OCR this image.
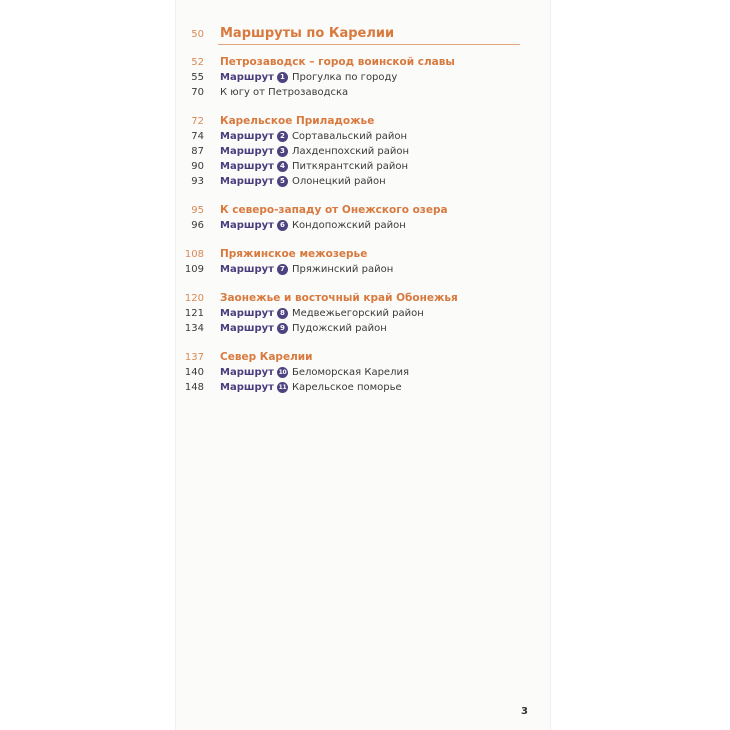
50 Маршруты по Карелии
52 Петрозаводск – город воинской славы
55 Маршрут 1 Прогулка по городу
70 К югу от Петрозаводска
72 Карельское Приладожье
74 Маршрут 2 Сортавальский район
87 Маршрут 3 Лахденпохский район
90 Маршрут 4 Питкярантский район
93 Маршрут 5 Олонецкий район
95 К северо-западу от Онежского озера
96 Маршрут 6 Кондопожский район
108 Пряжинское межозерье
109 Маршрут 7 Пряжинский район
120 Заонежье и восточный край Обонежья
121 Маршрут 8 Медвежьегорский район
134 Маршрут 9 Пудожский район
137 Север Карелии
140 Маршрут 10 Беломорская Карелия
148 Маршрут 11 Карельское поморье
3
